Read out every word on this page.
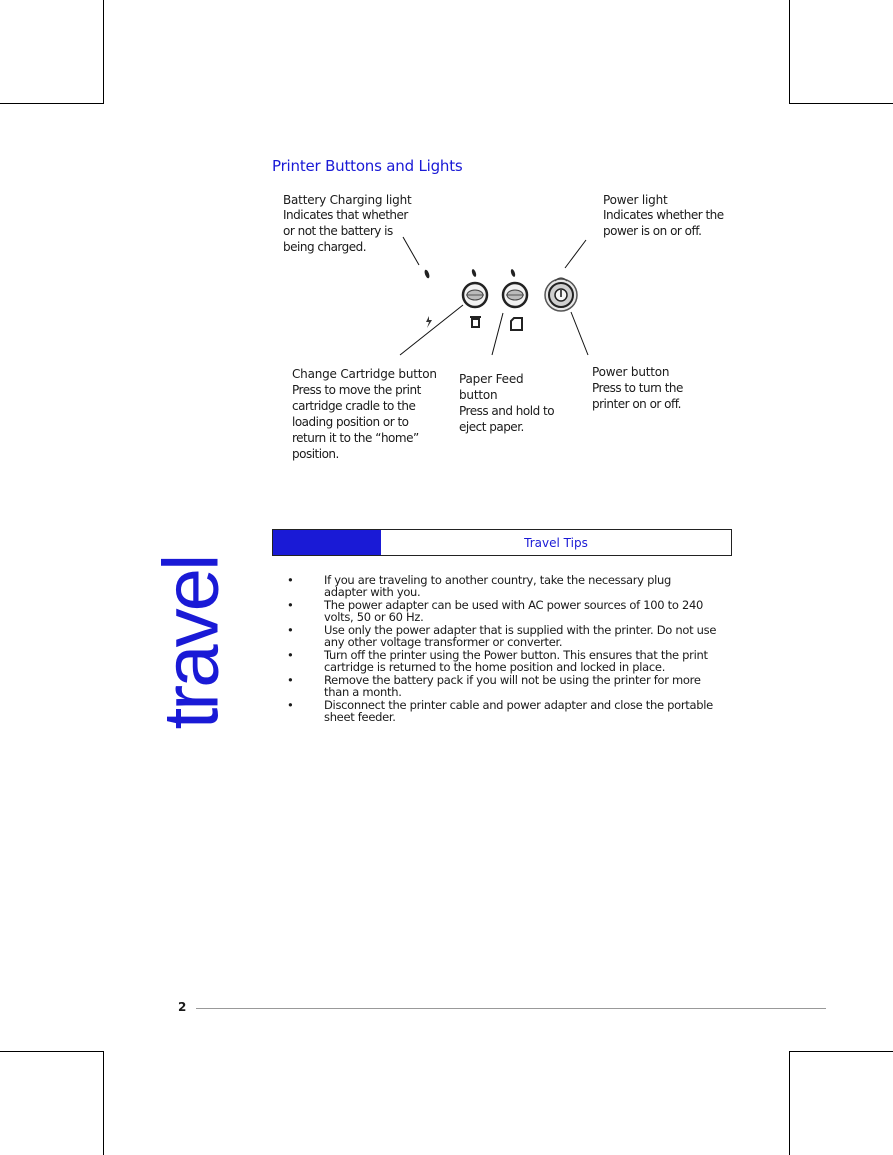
Printer Buttons and Lights
Battery Charging light
Indicates that whether
or not the battery is
being charged.
Power light
Indicates whether the
power is on or off.
Change Cartridge button
Press to move the print
cartridge cradle to the
loading position or to
return it to the “home”
position.
Paper Feed
button
Press and hold to
eject paper.
Power button
Press to turn the
printer on or off.
travel
Travel Tips
•	If you are traveling to another country, take the necessary plug adapter with you.
•	The power adapter can be used with AC power sources of 100 to 240 volts, 50 or 60 Hz.
•	Use only the power adapter that is supplied with the printer. Do not use any other voltage transformer or converter.
•	Turn off the printer using the Power button. This ensures that the print cartridge is returned to the home position and locked in place.
•	Remove the battery pack if you will not be using the printer for more than a month.
•	Disconnect the printer cable and power adapter and close the portable sheet feeder.
2
